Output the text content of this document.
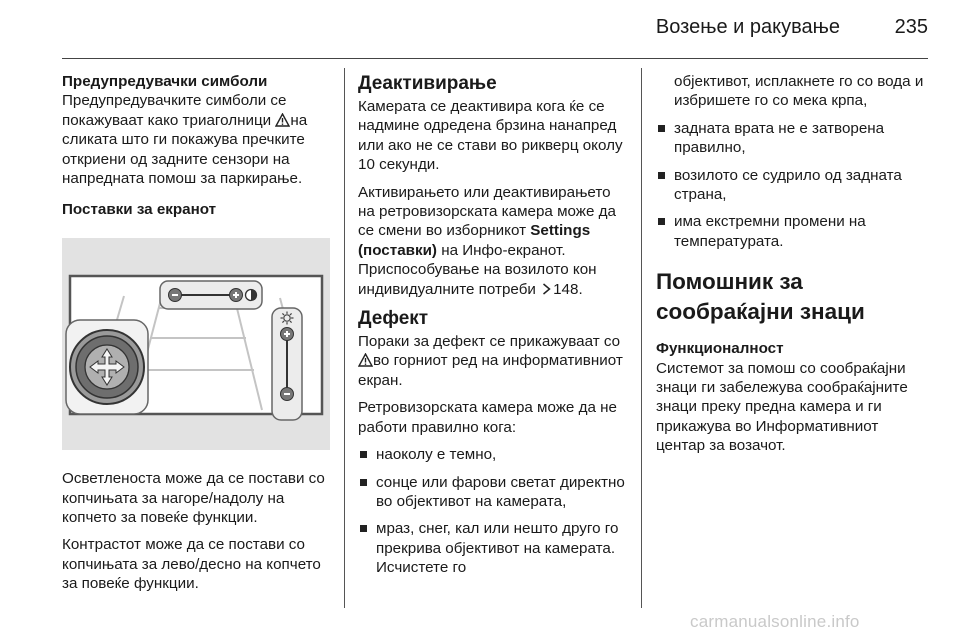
Возење и ракување	235
Предупредувачки симболи

Предупредувачките симболи се покажуваат како триаголници на сликата што ги покажува пречките откриени од задните сензори на напредната помош за паркирање.

Поставки за екранот

Осветленоста може да се постави со копчињата за нагоре/надолу на копчето за повеќе функции.

Контрастот може да се постави со копчињата за лево/десно на копчето за повеќе функции.

Деактивирање

Камерата се деактивира кога ќе се надмине одредена брзина нанапред или ако не се стави во рикверц околу 10 секунди.

Активирањето или деактивирањето на ретровизорската камера може да се смени во изборникот Settings (поставки) на Инфо-екранот. Приспособување на возилото кон индивидуалните потреби 148.

Дефект

Пораки за дефект се прикажуваат со во горниот ред на информативниот екран.

Ретровизорската камера може да не работи правилно кога:

наоколу е темно,
сонце или фарови светат директно во објективот на камерата,
мраз, снег, кал или нешто друго го прекрива објективот на камерата. Исчистете го

објективот, исплакнете го со вода и избришете го со мека крпа,

задната врата не е затворена правилно,
возилото се судрило од задната страна,
има екстремни промени на температурата.
Помошник за сообраќајни знаци
Функционалност

Системот за помош со сообраќајни знаци ги забележува сообраќајните знаци преку предна камера и ги прикажува во Информативниот центар за возачот.

carmanualsonline.info
